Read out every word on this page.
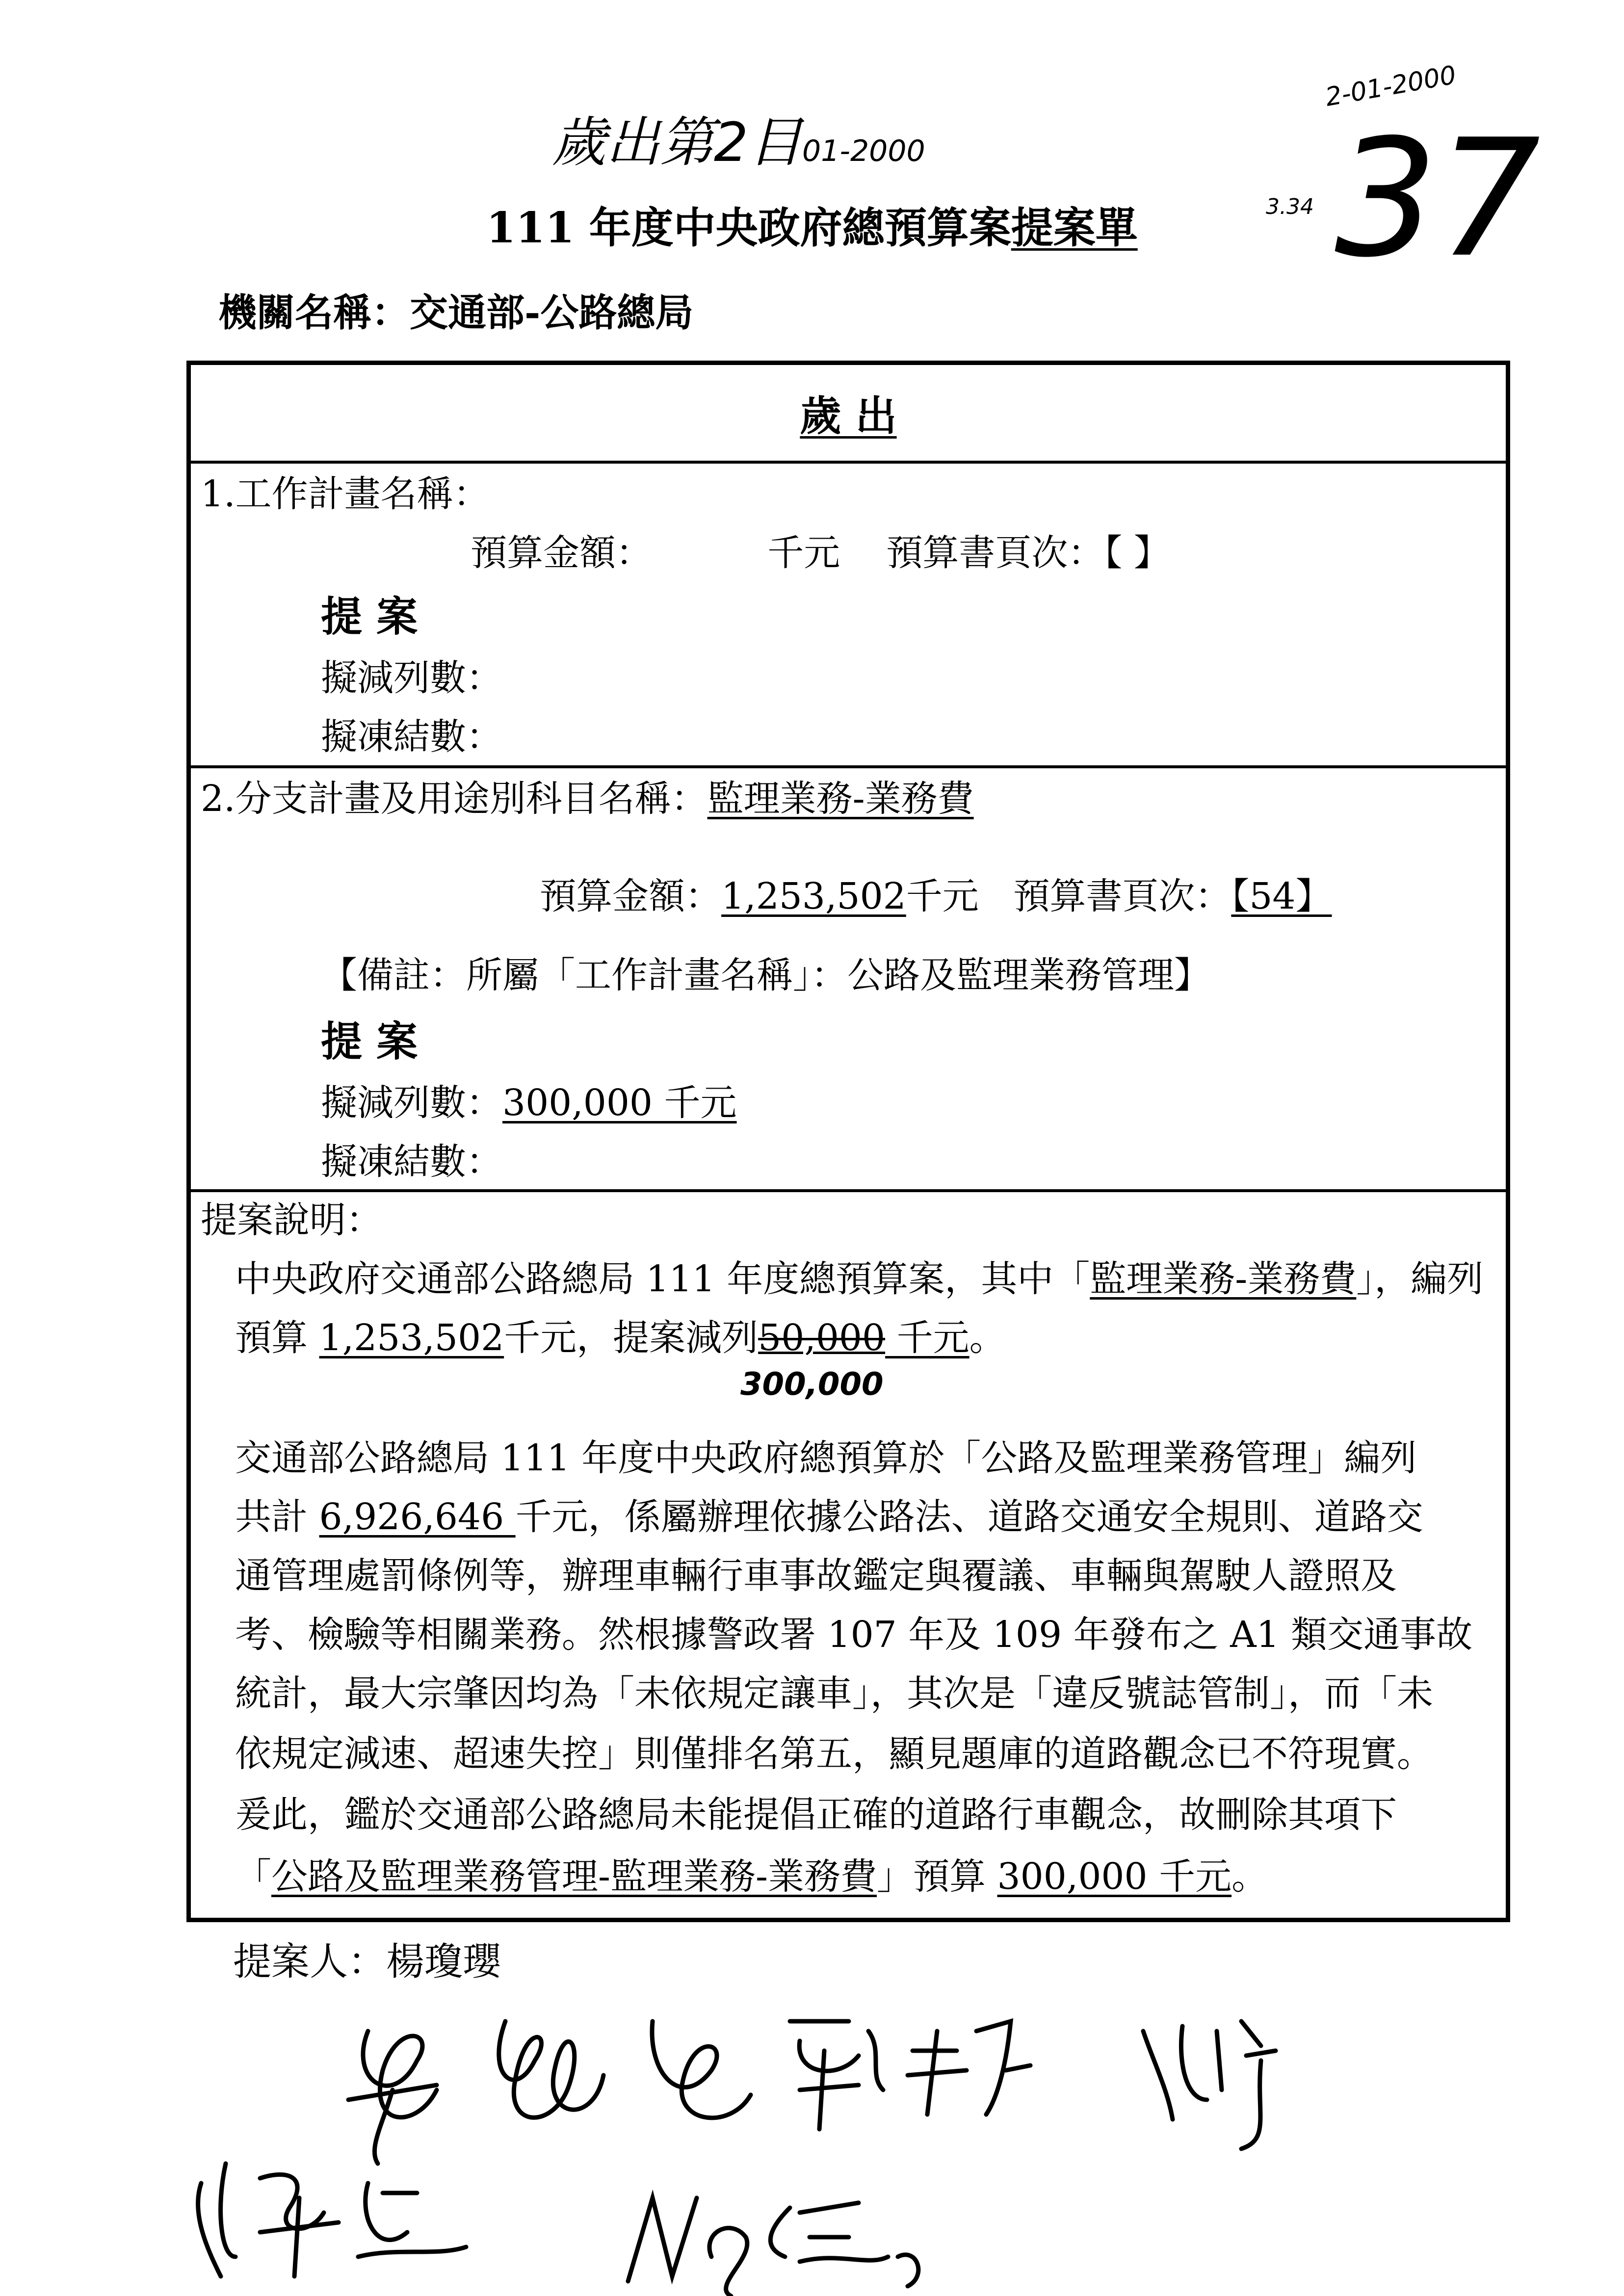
歲出第2目01-2000
2-01-2000
37
3.34
111 年度中央政府總預算案提案單
機關名稱：交通部-公路總局
歲 出
1.工作計畫名稱：
預算金額：          千元    預算書頁次：【 】
提 案
擬減列數：
擬凍結數：
2.分支計畫及用途別科目名稱：監理業務-業務費

預算金額：1,253,502千元   預算書頁次：【54】

【備註：所屬「工作計畫名稱」：公路及監理業務管理】
提 案
擬減列數：300,000 千元
擬凍結數：
提案說明：
中央政府交通部公路總局 111 年度總預算案，其中「監理業務-業務費」，編列
預算 1,253,502千元，提案減列50,000 千元。
300,000
交通部公路總局 111 年度中央政府總預算於「公路及監理業務管理」編列
共計 6,926,646 千元，係屬辦理依據公路法、道路交通安全規則、道路交
通管理處罰條例等，辦理車輛行車事故鑑定與覆議、車輛與駕駛人證照及
考、檢驗等相關業務。然根據警政署 107 年及 109 年發布之 A1 類交通事故
統計，最大宗肇因均為「未依規定讓車」，其次是「違反號誌管制」，而「未
依規定減速、超速失控」則僅排名第五，顯見題庫的道路觀念已不符現實。
爰此，鑑於交通部公路總局未能提倡正確的道路行車觀念，故刪除其項下
「公路及監理業務管理-監理業務-業務費」預算 300,000 千元。
提案人：楊瓊瓔
